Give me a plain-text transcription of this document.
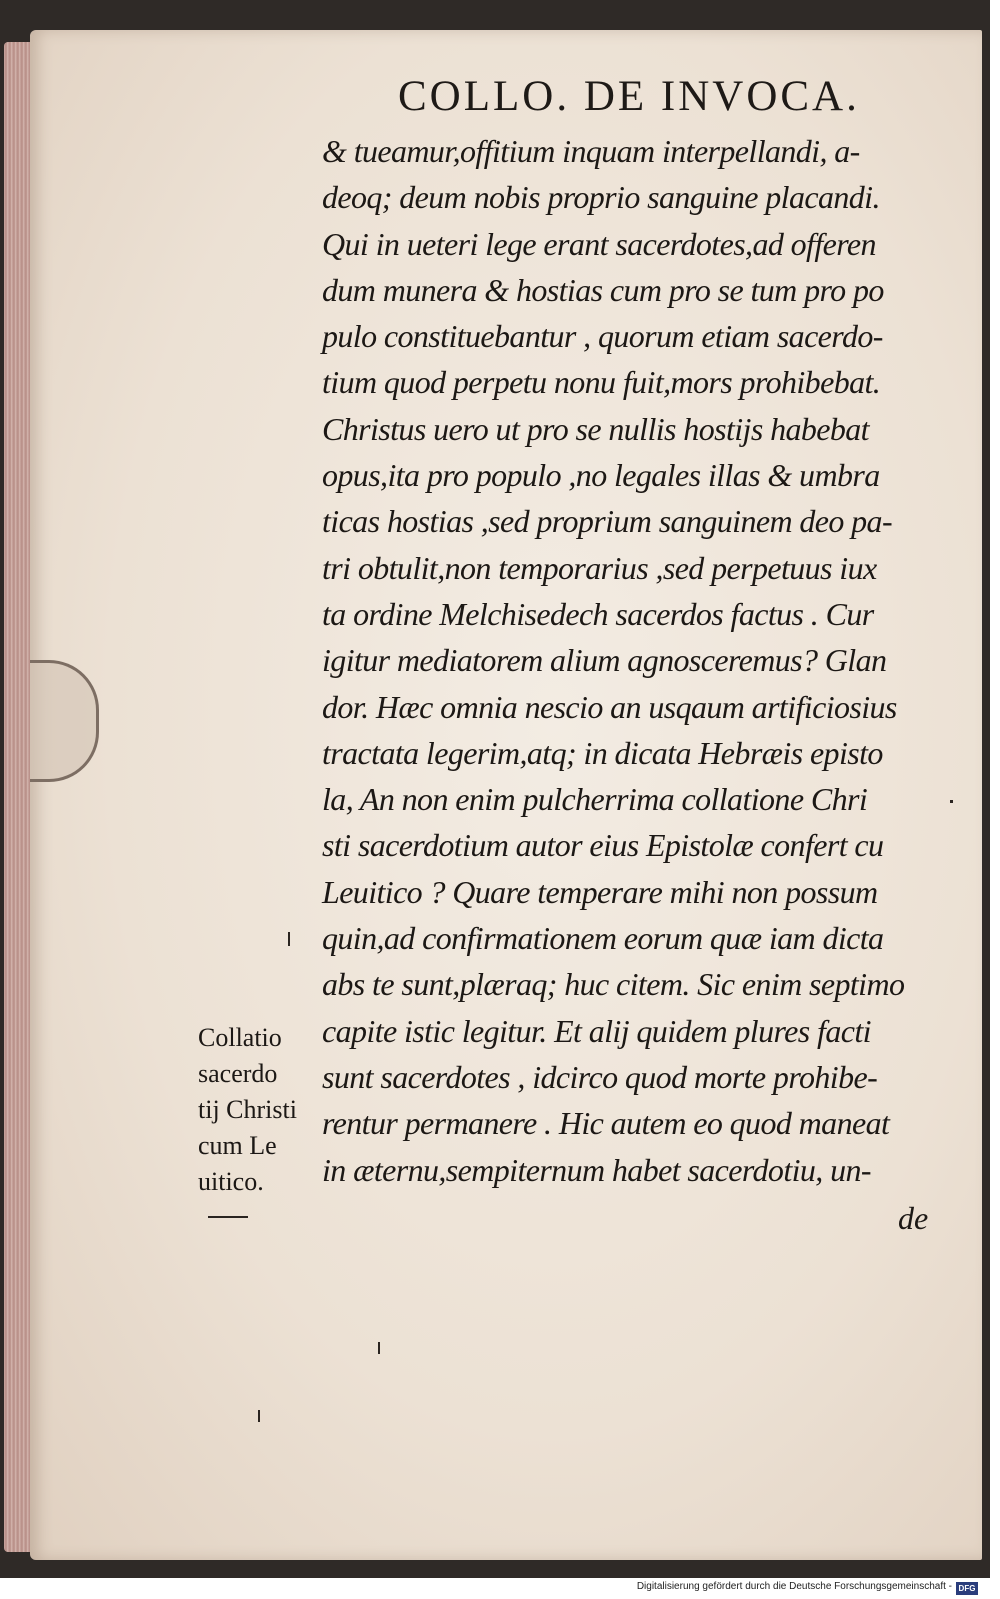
COLLO. DE INVOCA.
& tueamur,offitium inquam interpellandi, a-
deoq; deum nobis proprio sanguine placandi.
Qui in ueteri lege erant sacerdotes,ad offeren
dum munera & hostias cum pro se tum pro po
pulo constituebantur , quorum etiam sacerdo-
tium quod perpetu nonu fuit,mors prohibebat.
Christus uero ut pro se nullis hostijs habebat
opus,ita pro populo ,no legales illas & umbra
ticas hostias ,sed proprium sanguinem deo pa-
tri obtulit,non temporarius ,sed perpetuus iux
ta ordine Melchisedech sacerdos factus . Cur
igitur mediatorem alium agnosceremus? Glan
dor. Hæc omnia nescio an usqaum artificiosius
tractata legerim,atq; in dicata Hebræis episto
la, An non enim pulcherrima collatione Chri
sti sacerdotium autor eius Epistolæ confert cu
Leuitico ? Quare temperare mihi non possum
quin,ad confirmationem eorum quæ iam dicta
abs te sunt,plæraq; huc citem. Sic enim septimo
capite istic legitur. Et alij quidem plures facti
sunt sacerdotes , idcirco quod morte prohibe-
rentur permanere . Hic autem eo quod maneat
in æternu,sempiternum habet sacerdotiu, un-
de
Collatio
sacerdo
tij Christi
cum Le
uitico.
Digitalisierung gefördert durch die Deutsche Forschungsgemeinschaft - DFG
